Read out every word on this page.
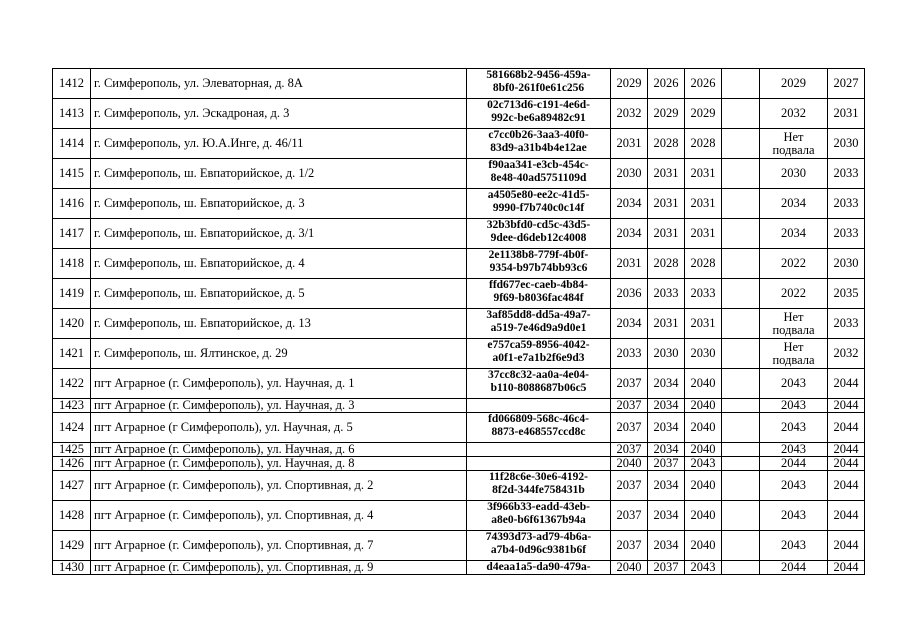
1412	г. Симферополь, ул. Элеваторная, д. 8А	581668b2-9456-459a-
8bf0-261f0e61c256	2029	2026	2026		2029	2027
1413	г. Симферополь, ул. Эскадроная, д. 3	02c713d6-c191-4e6d-
992c-be6a89482c91	2032	2029	2029		2032	2031
1414	г. Симферополь, ул. Ю.А.Инге, д. 46/11	c7cc0b26-3aa3-40f0-
83d9-a31b4b4e12ae	2031	2028	2028		Нет
подвала	2030
1415	г. Симферополь, ш. Евпаторийское, д. 1/2	f90aa341-e3cb-454c-
8e48-40ad5751109d	2030	2031	2031		2030	2033
1416	г. Симферополь, ш. Евпаторийское, д. 3	a4505e80-ee2c-41d5-
9990-f7b740c0c14f	2034	2031	2031		2034	2033
1417	г. Симферополь, ш. Евпаторийское, д. 3/1	32b3bfd0-cd5c-43d5-
9dee-d6deb12c4008	2034	2031	2031		2034	2033
1418	г. Симферополь, ш. Евпаторийское, д. 4	2e1138b8-779f-4b0f-
9354-b97b74bb93c6	2031	2028	2028		2022	2030
1419	г. Симферополь, ш. Евпаторийское, д. 5	ffd677ec-caeb-4b84-
9f69-b8036fac484f	2036	2033	2033		2022	2035
1420	г. Симферополь, ш. Евпаторийское, д. 13	3af85dd8-dd5a-49a7-
a519-7e46d9a9d0e1	2034	2031	2031		Нет
подвала	2033
1421	г. Симферополь, ш. Ялтинское, д. 29	e757ca59-8956-4042-
a0f1-e7a1b2f6e9d3	2033	2030	2030		Нет
подвала	2032
1422	пгт Аграрное (г. Симферополь), ул. Научная, д. 1	37cc8c32-aa0a-4e04-
b110-8088687b06c5	2037	2034	2040		2043	2044
1423	пгт Аграрное (г. Симферополь), ул. Научная, д. 3		2037	2034	2040		2043	2044
1424	пгт Аграрное (г Симферополь), ул. Научная, д. 5	fd066809-568c-46c4-
8873-e468557ccd8c	2037	2034	2040		2043	2044
1425	пгт Аграрное (г. Симферополь), ул. Научная, д. 6		2037	2034	2040		2043	2044
1426	пгт Аграрное (г. Симферополь), ул. Научная, д. 8		2040	2037	2043		2044	2044
1427	пгт Аграрное (г. Симферополь), ул. Спортивная, д. 2	11f28c6e-30e6-4192-
8f2d-344fe758431b	2037	2034	2040		2043	2044
1428	пгт Аграрное (г. Симферополь), ул. Спортивная, д. 4	3f966b33-eadd-43eb-
a8e0-b6f61367b94a	2037	2034	2040		2043	2044
1429	пгт Аграрное (г. Симферополь), ул. Спортивная, д. 7	74393d73-ad79-4b6a-
a7b4-0d96c9381b6f	2037	2034	2040		2043	2044
1430	пгт Аграрное (г. Симферополь), ул. Спортивная, д. 9	d4eaa1a5-da90-479a-	2040	2037	2043		2044	2044
